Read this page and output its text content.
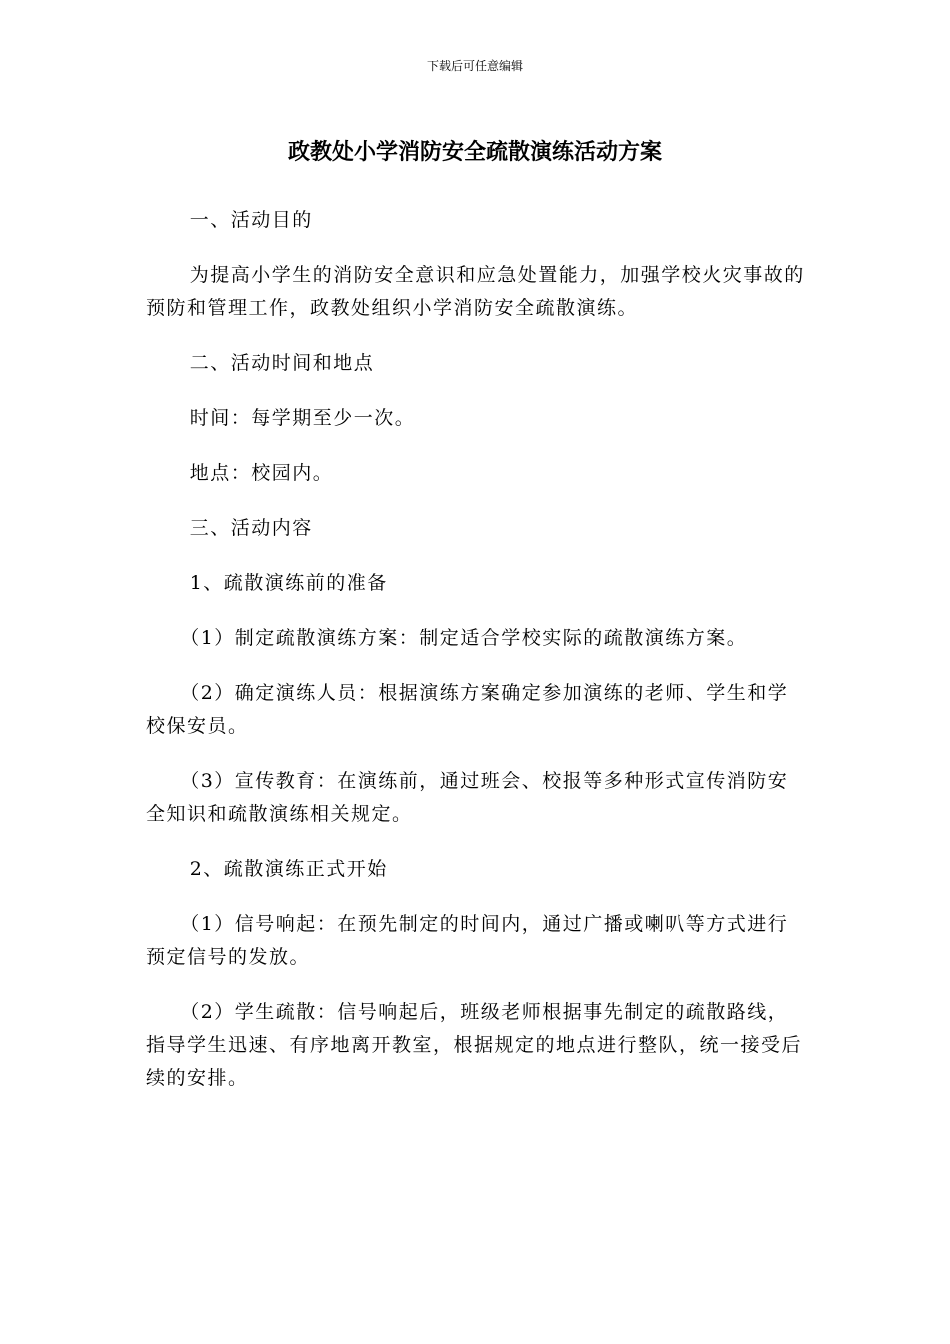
下载后可任意编辑
政教处小学消防安全疏散演练活动方案

一、活动目的

为提高小学生的消防安全意识和应急处置能力，加强学校火灾事故的预防和管理工作，政教处组织小学消防安全疏散演练。

二、活动时间和地点

时间：每学期至少一次。

地点：校园内。

三、活动内容

1、疏散演练前的准备

（1）制定疏散演练方案：制定适合学校实际的疏散演练方案。

（2）确定演练人员：根据演练方案确定参加演练的老师、学生和学校保安员。

（3）宣传教育：在演练前，通过班会、校报等多种形式宣传消防安全知识和疏散演练相关规定。

2、疏散演练正式开始

（1）信号响起：在预先制定的时间内，通过广播或喇叭等方式进行预定信号的发放。

（2）学生疏散：信号响起后，班级老师根据事先制定的疏散路线，指导学生迅速、有序地离开教室，根据规定的地点进行整队，统一接受后续的安排。
